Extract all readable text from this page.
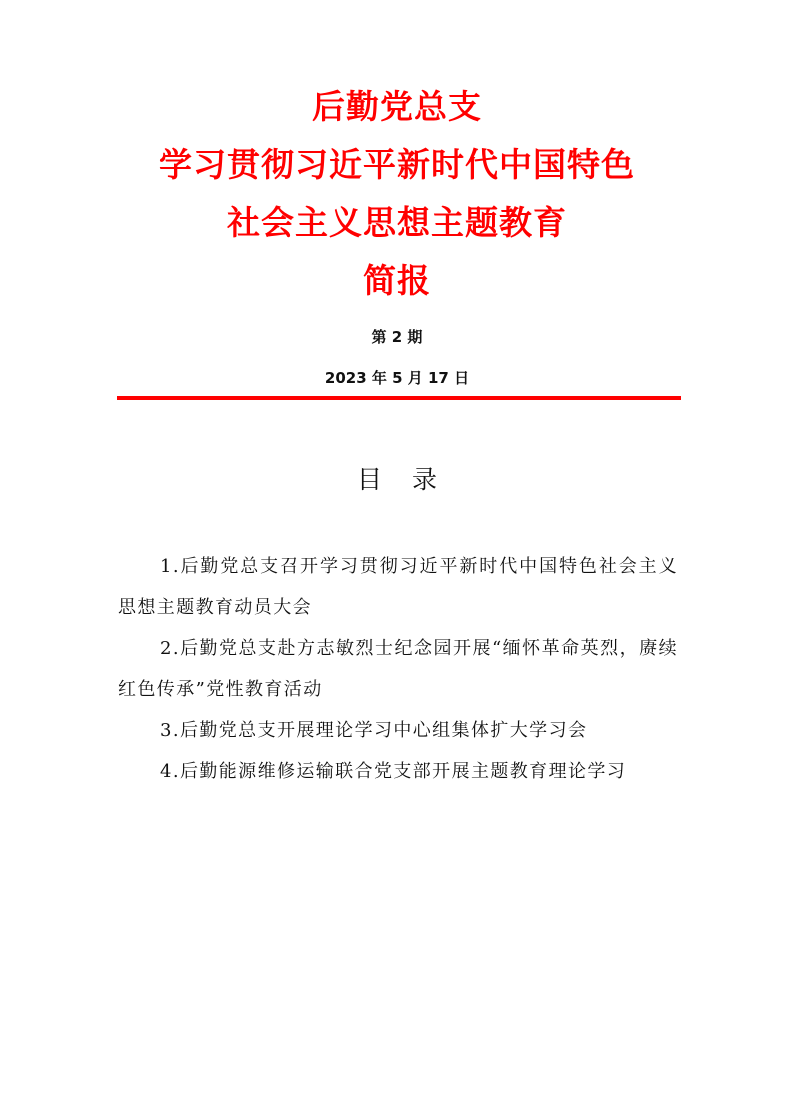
后勤党总支
学习贯彻习近平新时代中国特色
社会主义思想主题教育
简报
第 2 期
2023 年 5 月 17 日
目录

1.后勤党总支召开学习贯彻习近平新时代中国特色社会主义思想主题教育动员大会

2.后勤党总支赴方志敏烈士纪念园开展“缅怀革命英烈，赓续红色传承”党性教育活动

3.后勤党总支开展理论学习中心组集体扩大学习会

4.后勤能源维修运输联合党支部开展主题教育理论学习
